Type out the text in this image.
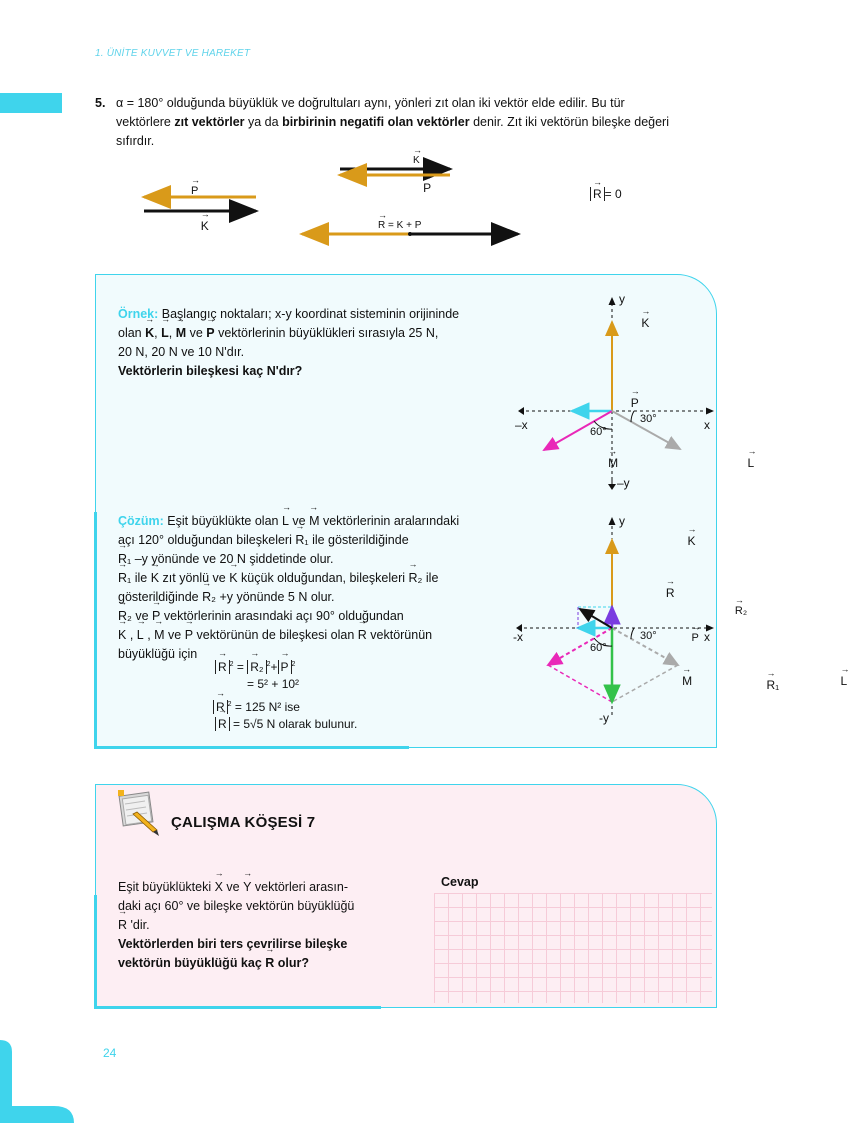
1. ÜNİTE KUVVET VE HAREKET
5. α = 180° olduğunda büyüklük ve doğrultuları aynı, yönleri zıt olan iki vektör elde edilir. Bu tür
vektörlere zıt vektörler ya da birbirinin negatifi olan vektörler denir. Zıt iki vektörün bileşke değeri
sıfırdır.
→ P → K → K → P
→ R = K + P
→ R = 0
Örnek: Başlangıç noktaları; x-y koordinat sisteminin orijininde
olan → K, → L, → M ve → P vektörlerinin büyüklükleri sırasıyla 25 N,
20 N, 20 N ve 10 N'dır.
Vektörlerin bileşkesi kaç N'dır?
y
→ K → P
–x	x
30°
60°
→ M	→ L
–y
Çözüm: Eşit büyüklükte olan → L ve → M vektörlerinin aralarındaki
açı 120° olduğundan bileşkeleri → R₁ ile gösterildiğinde
→ R₁ –y yönünde ve 20 N şiddetinde olur.
→ R₁ ile → K zıt yönlü ve → K küçük olduğundan, bileşkeleri → R₂ ile
gösterildiğinde → R₂ +y yönünde 5 N olur.
→ R₂ ve → P vektörlerinin arasındaki açı 90° olduğundan
→ K , → L , → M ve → P vektörünün de bileşkesi olan → R vektörünün
büyüklüğü için
→ R $^2$ = → R₂ $^2$+ → P $^2$
= 5² + 10²
→ R $^2$ = 125 N² ise
→ R = 5√5 N olarak bulunur.
y
→ K → R → R₂
-x	→ P
30°	x
60°
→ M	→ R₁	→ L
-y
ÇALIŞMA KÖŞESİ 7
Eşit büyüklükteki → X ve → Y vektörleri arasın-
daki açı 60° ve bileşke vektörün büyüklüğü
→ R 'dir.
Vektörlerden biri ters çevrilirse bileşke
vektörün büyüklüğü kaç → R olur?
Cevap
24
